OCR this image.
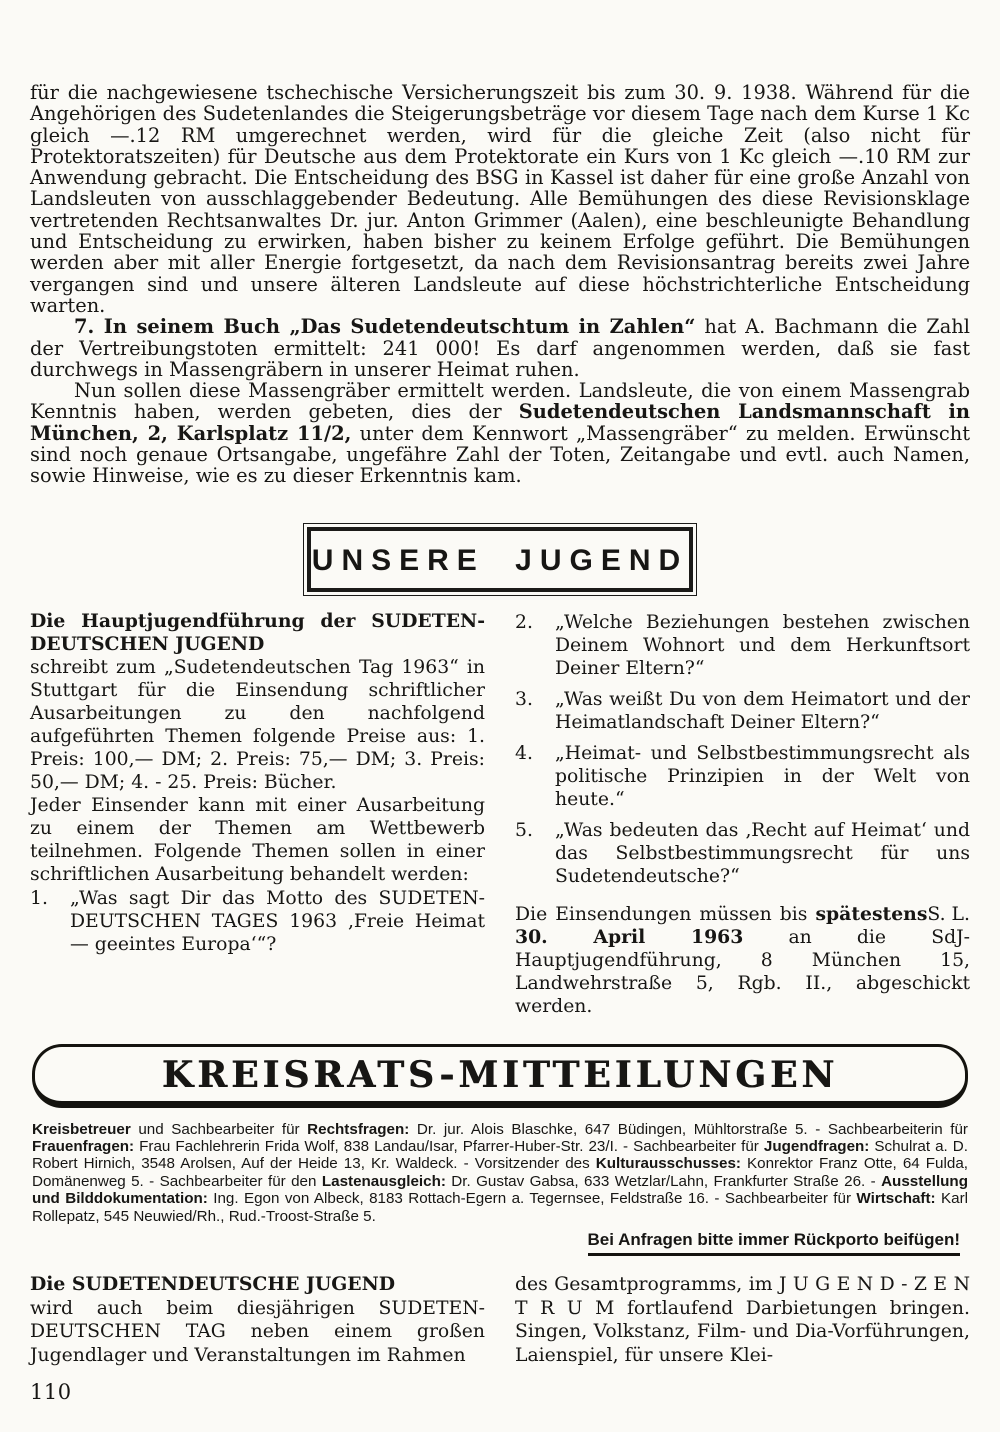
für die nachgewiesene tschechische Versicherungszeit bis zum 30. 9. 1938. Während für die Angehörigen des Sudetenlandes die Steigerungsbeträge vor diesem Tage nach dem Kurse 1 Kc gleich —.12 RM umgerechnet werden, wird für die gleiche Zeit (also nicht für Protektoratszeiten) für Deutsche aus dem Protektorate ein Kurs von 1 Kc gleich —.10 RM zur Anwendung gebracht. Die Entscheidung des BSG in Kassel ist daher für eine große Anzahl von Landsleuten von ausschlaggebender Bedeutung. Alle Bemühungen des diese Revisionsklage vertretenden Rechtsanwaltes Dr. jur. Anton Grimmer (Aalen), eine beschleunigte Behandlung und Entscheidung zu erwirken, haben bisher zu keinem Erfolge geführt. Die Bemühungen werden aber mit aller Energie fortgesetzt, da nach dem Revisionsantrag bereits zwei Jahre vergangen sind und unsere älteren Landsleute auf diese höchstrichterliche Entscheidung warten.

7. In seinem Buch „Das Sudetendeutschtum in Zahlen“ hat A. Bachmann die Zahl der Vertreibungstoten ermittelt: 241 000! Es darf angenommen werden, daß sie fast durchwegs in Massengräbern in unserer Heimat ruhen.

Nun sollen diese Massengräber ermittelt werden. Landsleute, die von einem Massengrab Kenntnis haben, werden gebeten, dies der Sudetendeutschen Landsmannschaft in München, 2, Karlsplatz 11/2, unter dem Kennwort „Massengräber“ zu melden. Erwünscht sind noch genaue Ortsangabe, ungefähre Zahl der Toten, Zeitangabe und evtl. auch Namen, sowie Hinweise, wie es zu dieser Erkenntnis kam.

UNSERE JUGEND

Die Hauptjugendführung der SUDETEN-DEUTSCHEN JUGEND

schreibt zum „Sudetendeutschen Tag 1963“ in Stuttgart für die Einsendung schriftlicher Ausarbeitungen zu den nachfolgend aufgeführten Themen folgende Preise aus: 1. Preis: 100,— DM; 2. Preis: 75,— DM; 3. Preis: 50,— DM; 4. - 25. Preis: Bücher.

Jeder Einsender kann mit einer Ausarbeitung zu einem der Themen am Wettbewerb teilnehmen. Folgende Themen sollen in einer schriftlichen Ausarbeitung behandelt werden:

1.	„Was sagt Dir das Motto des SUDETEN-DEUTSCHEN TAGES 1963 ‚Freie Heimat — geeintes Europa‘“?
2.	„Welche Beziehungen bestehen zwischen Deinem Wohnort und dem Herkunftsort Deiner Eltern?“
3.	„Was weißt Du von dem Heimatort und der Heimatlandschaft Deiner Eltern?“
4.	„Heimat- und Selbstbestimmungsrecht als politische Prinzipien in der Welt von heute.“
5.	„Was bedeuten das ‚Recht auf Heimat‘ und das Selbstbestimmungsrecht für uns Sudetendeutsche?“

S. L.
Die Einsendungen müssen bis spätestens 30. April 1963 an die SdJ-Hauptjugendführung, 8 München 15, Landwehrstraße 5, Rgb. II., abgeschickt werden.

KREISRATS-MITTEILUNGEN

Kreisbetreuer und Sachbearbeiter für Rechtsfragen: Dr. jur. Alois Blaschke, 647 Büdingen, Mühltorstraße 5. - Sachbearbeiterin für Frauenfragen: Frau Fachlehrerin Frida Wolf, 838 Landau/Isar, Pfarrer-Huber-Str. 23/I. - Sachbearbeiter für Jugendfragen: Schulrat a. D. Robert Hirnich, 3548 Arolsen, Auf der Heide 13, Kr. Waldeck. - Vorsitzender des Kulturausschusses: Konrektor Franz Otte, 64 Fulda, Domänenweg 5. - Sachbearbeiter für den Lastenausgleich: Dr. Gustav Gabsa, 633 Wetzlar/Lahn, Frankfurter Straße 26. - Ausstellung und Bilddokumentation: Ing. Egon von Albeck, 8183 Rottach-Egern a. Tegernsee, Feldstraße 16. - Sachbearbeiter für Wirtschaft: Karl Rollepatz, 545 Neuwied/Rh., Rud.-Troost-Straße 5.

Bei Anfragen bitte immer Rückporto beifügen!

Die SUDETENDEUTSCHE JUGEND

wird auch beim diesjährigen SUDETEN-DEUTSCHEN TAG neben einem großen Jugendlager und Veranstaltungen im Rahmen

des Gesamtprogramms, im J U G E N D - Z E N T R U M fortlaufend Darbietungen bringen. Singen, Volkstanz, Film- und Dia-Vorführungen, Laienspiel, für unsere Klei-

110
